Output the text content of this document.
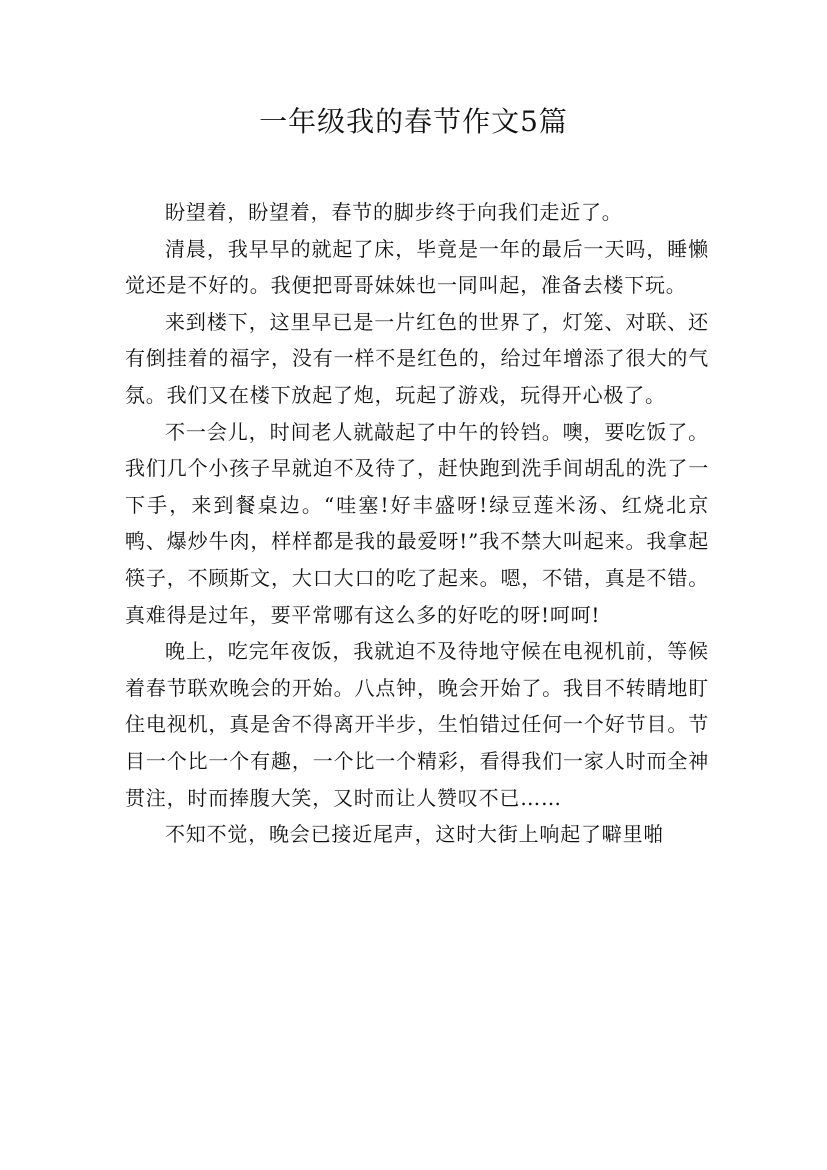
一年级我的春节作文5篇

盼望着，盼望着，春节的脚步终于向我们走近了。

清晨，我早早的就起了床，毕竟是一年的最后一天吗，睡懒觉还是不好的。我便把哥哥妹妹也一同叫起，准备去楼下玩。

来到楼下，这里早已是一片红色的世界了，灯笼、对联、还有倒挂着的福字，没有一样不是红色的，给过年增添了很大的气氛。我们又在楼下放起了炮，玩起了游戏，玩得开心极了。

不一会儿，时间老人就敲起了中午的铃铛。噢，要吃饭了。我们几个小孩子早就迫不及待了，赶快跑到洗手间胡乱的洗了一下手，来到餐桌边。“哇塞!好丰盛呀!绿豆莲米汤、红烧北京鸭、爆炒牛肉，样样都是我的最爱呀!”我不禁大叫起来。我拿起筷子，不顾斯文，大口大口的吃了起来。嗯，不错，真是不错。真难得是过年，要平常哪有这么多的好吃的呀!呵呵!

晚上，吃完年夜饭，我就迫不及待地守候在电视机前，等候着春节联欢晚会的开始。八点钟，晚会开始了。我目不转睛地盯住电视机，真是舍不得离开半步，生怕错过任何一个好节目。节目一个比一个有趣，一个比一个精彩，看得我们一家人时而全神贯注，时而捧腹大笑，又时而让人赞叹不已……

不知不觉，晚会已接近尾声，这时大街上响起了噼里啪
